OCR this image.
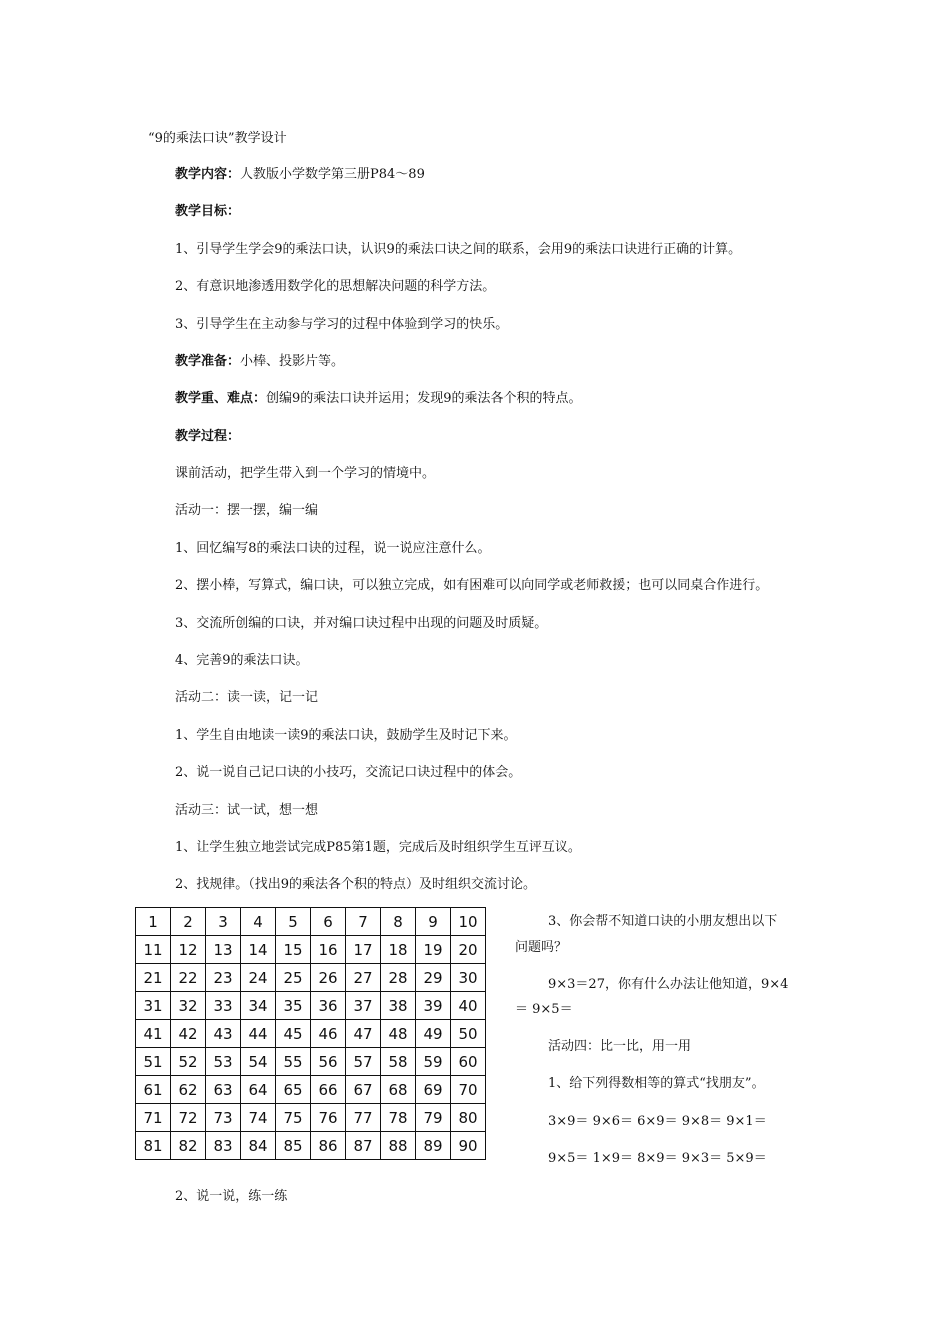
“9的乘法口诀”教学设计
教学内容：人教版小学数学第三册P84～89
教学目标：
1、引导学生学会9的乘法口诀，认识9的乘法口诀之间的联系，会用9的乘法口诀进行正确的计算。
2、有意识地渗透用数学化的思想解决问题的科学方法。
3、引导学生在主动参与学习的过程中体验到学习的快乐。
教学准备：小棒、投影片等。
教学重、难点：创编9的乘法口诀并运用；发现9的乘法各个积的特点。
教学过程：
课前活动，把学生带入到一个学习的情境中。
活动一：摆一摆，编一编
1、回忆编写8的乘法口诀的过程，说一说应注意什么。
2、摆小棒，写算式，编口诀，可以独立完成，如有困难可以向同学或老师救援；也可以同桌合作进行。
3、交流所创编的口诀，并对编口诀过程中出现的问题及时质疑。
4、完善9的乘法口诀。
活动二：读一读，记一记
1、学生自由地读一读9的乘法口诀，鼓励学生及时记下来。
2、说一说自己记口诀的小技巧，交流记口诀过程中的体会。
活动三：试一试，想一想
1、让学生独立地尝试完成P85第1题，完成后及时组织学生互评互议。
2、找规律。（找出9的乘法各个积的特点）及时组织交流讨论。
1	2	3	4	5	6	7	8	9	10
11	12	13	14	15	16	17	18	19	20
21	22	23	24	25	26	27	28	29	30
31	32	33	34	35	36	37	38	39	40
41	42	43	44	45	46	47	48	49	50
51	52	53	54	55	56	57	58	59	60
61	62	63	64	65	66	67	68	69	70
71	72	73	74	75	76	77	78	79	80
81	82	83	84	85	86	87	88	89	90
3、你会帮不知道口诀的小朋友想出以下
问题吗？
9×3＝27，你有什么办法让他知道，9×4
＝ 9×5＝
活动四：比一比，用一用
1、给下列得数相等的算式“找朋友”。
3×9＝ 9×6＝ 6×9＝ 9×8＝ 9×1＝
9×5＝ 1×9＝ 8×9＝ 9×3＝ 5×9＝
2、说一说，练一练
